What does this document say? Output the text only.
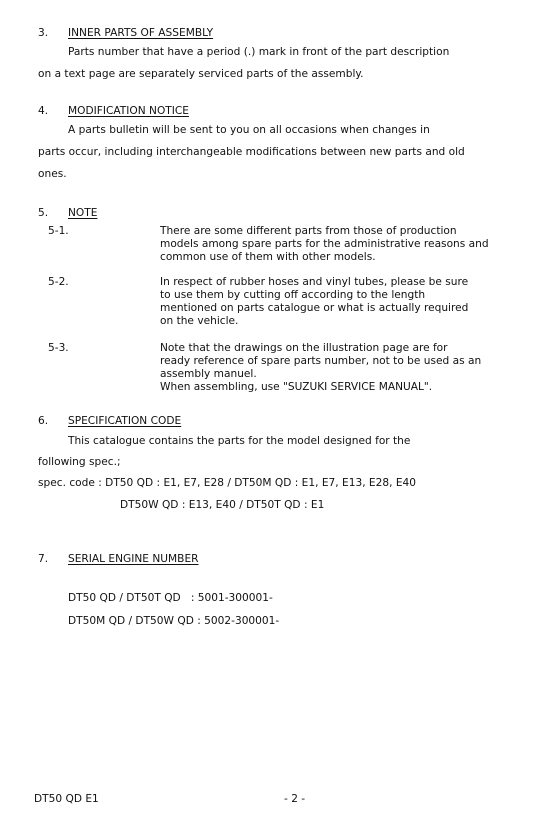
3. INNER PARTS OF ASSEMBLY
Parts number that have a period (.) mark in front of the part description
on a text page are separately serviced parts of the assembly.
4. MODIFICATION NOTICE
A parts bulletin will be sent to you on all occasions when changes in
parts occur, including interchangeable modifications between new parts and old
ones.
5. NOTE
5-1.	There are some different parts from those of production
models among spare parts for the administrative reasons and
common use of them with other models.
5-2.	In respect of rubber hoses and vinyl tubes, please be sure
to use them by cutting off according to the length
mentioned on parts catalogue or what is actually required
on the vehicle.
5-3.	Note that the drawings on the illustration page are for
ready reference of spare parts number, not to be used as an
assembly manuel.
When assembling, use "SUZUKI SERVICE MANUAL".
6. SPECIFICATION CODE
This catalogue contains the parts for the model designed for the
following spec.;
spec. code : DT50 QD : E1, E7, E28 / DT50M QD : E1, E7, E13, E28, E40
DT50W QD : E13, E40 / DT50T QD : E1
7. SERIAL ENGINE NUMBER
DT50 QD / DT50T QD   : 5001-300001-
DT50M QD / DT50W QD : 5002-300001-
DT50 QD E1	- 2 -
